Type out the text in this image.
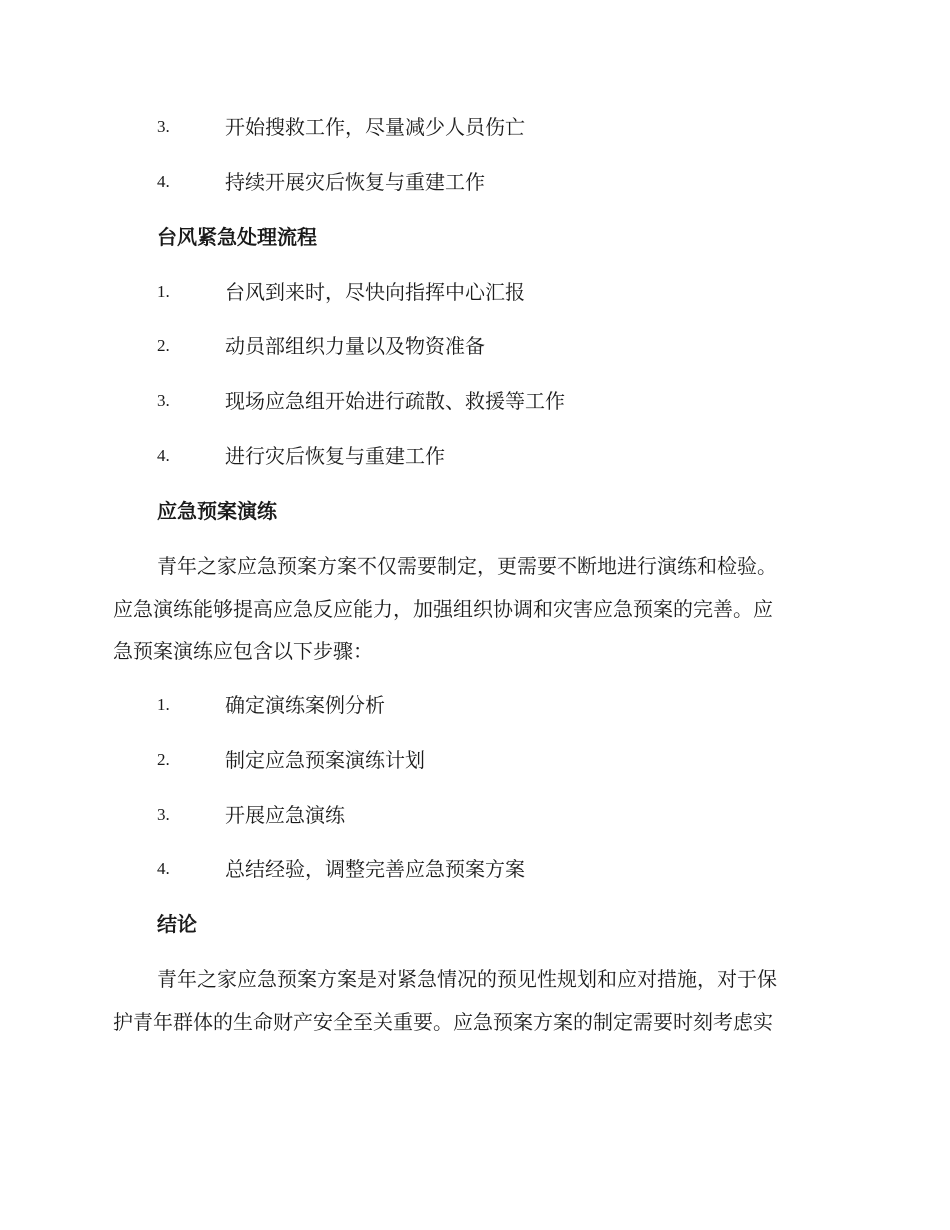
3.	开始搜救工作，尽量减少人员伤亡
4.	持续开展灾后恢复与重建工作
台风紧急处理流程
1.	台风到来时，尽快向指挥中心汇报
2.	动员部组织力量以及物资准备
3.	现场应急组开始进行疏散、救援等工作
4.	进行灾后恢复与重建工作
应急预案演练
青年之家应急预案方案不仅需要制定，更需要不断地进行演练和检验。
应急演练能够提高应急反应能力，加强组织协调和灾害应急预案的完善。应
急预案演练应包含以下步骤：
1.	确定演练案例分析
2.	制定应急预案演练计划
3.	开展应急演练
4.	总结经验，调整完善应急预案方案
结论
青年之家应急预案方案是对紧急情况的预见性规划和应对措施，对于保
护青年群体的生命财产安全至关重要。应急预案方案的制定需要时刻考虑实
